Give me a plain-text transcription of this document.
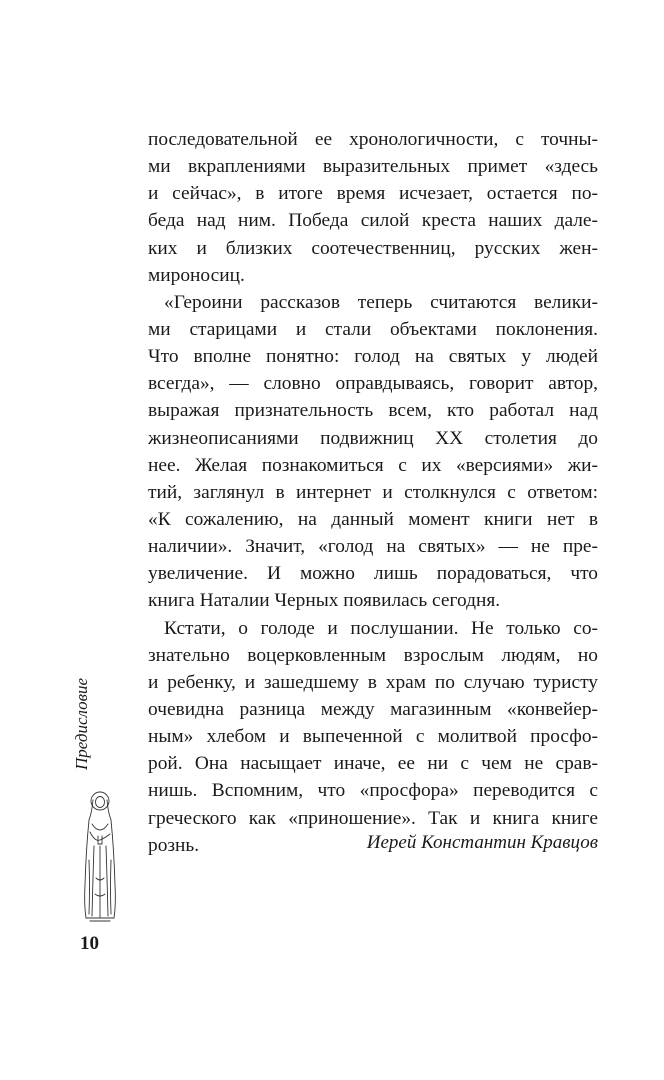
последовательной ее хронологичности, с точны-
ми вкраплениями выразительных примет «здесь
и сейчас», в итоге время исчезает, остается по-
беда над ним. Победа силой креста наших далe-
ких и близких соотечественниц, русских жен-
мироносиц.
«Героини рассказов теперь считаются велики-
ми старицами и стали объектами поклонения.
Что вполне понятно: голод на святых у людей
всегда», — словно оправдываясь, говорит автор,
выражая признательность всем, кто работал над
жизнеописаниями подвижниц XX столетия до
нее. Желая познакомиться с их «версиями» жи-
тий, заглянул в интернет и столкнулся с ответом:
«К сожалению, на данный момент книги нет в
наличии». Значит, «голод на святых» — не пре-
увеличение. И можно лишь порадоваться, что
книга Наталии Черных появилась сегодня.
Кстати, о голоде и послушании. Не только со-
знательно воцерковленным взрослым людям, но
и ребенку, и зашедшему в храм по случаю туристу
очевидна разница между магазинным «конвейер-
ным» хлебом и выпеченной с молитвой просфо-
рой. Она насыщает иначе, ее ни с чем не срав-
нишь. Вспомним, что «просфора» переводится с
греческого как «приношение». Так и книга книге
рознь.	Иерей Константин Кравцов
Предисловие
10
